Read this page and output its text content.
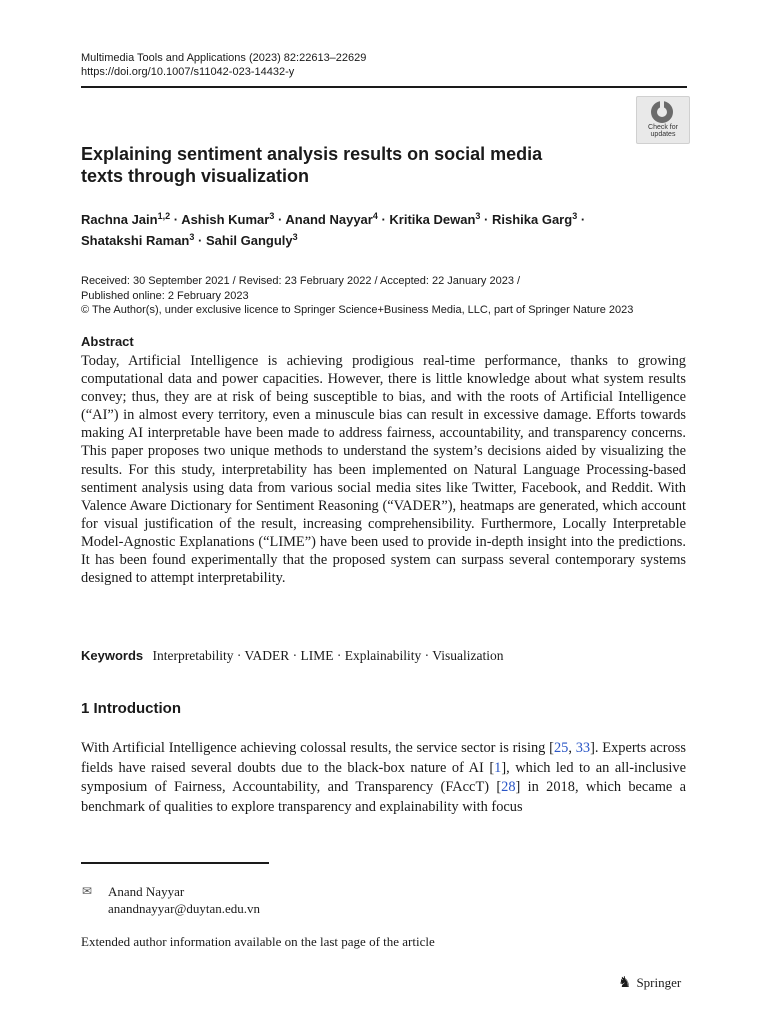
Multimedia Tools and Applications (2023) 82:22613–22629
https://doi.org/10.1007/s11042-023-14432-y
Check for
updates
Explaining sentiment analysis results on social media
texts through visualization
Rachna Jain$^{1,2}$ · Ashish Kumar$^3$ · Anand Nayyar$^4$ · Kritika Dewan$^3$ · Rishika Garg$^3$ ·
Shatakshi Raman$^3$ · Sahil Ganguly$^3$
Received: 30 September 2021 / Revised: 23 February 2022 / Accepted: 22 January 2023 /
Published online: 2 February 2023
© The Author(s), under exclusive licence to Springer Science+Business Media, LLC, part of Springer Nature 2023
Abstract
Today, Artificial Intelligence is achieving prodigious real-time performance, thanks to growing computational data and power capacities. However, there is little knowledge about what system results convey; thus, they are at risk of being susceptible to bias, and with the roots of Artificial Intelligence (“AI”) in almost every territory, even a minuscule bias can result in excessive damage. Efforts towards making AI interpretable have been made to address fairness, accountability, and transparency concerns. This paper proposes two unique methods to understand the system’s decisions aided by visualizing the results. For this study, interpretability has been implemented on Natural Language Processing-based sentiment analysis using data from various social media sites like Twitter, Facebook, and Reddit. With Valence Aware Dictionary for Sentiment Reasoning (“VADER”), heatmaps are generated, which account for visual justification of the result, increasing comprehensibility. Furthermore, Locally Interpretable Model-Agnostic Explanations (“LIME”) have been used to provide in-depth insight into the predictions. It has been found experimentally that the proposed system can surpass several contemporary systems designed to attempt interpretability.
Keywords Interpretability · VADER · LIME · Explainability · Visualization
1 Introduction
With Artificial Intelligence achieving colossal results, the service sector is rising [25, 33]. Experts across fields have raised several doubts due to the black-box nature of AI [1], which led to an all-inclusive symposium of Fairness, Accountability, and Transparency (FAccT) [28] in 2018, which became a benchmark of qualities to explore transparency and explainability with focus
✉ Anand Nayyar
anandnayyar@duytan.edu.vn
Extended author information available on the last page of the article
♞ Springer
